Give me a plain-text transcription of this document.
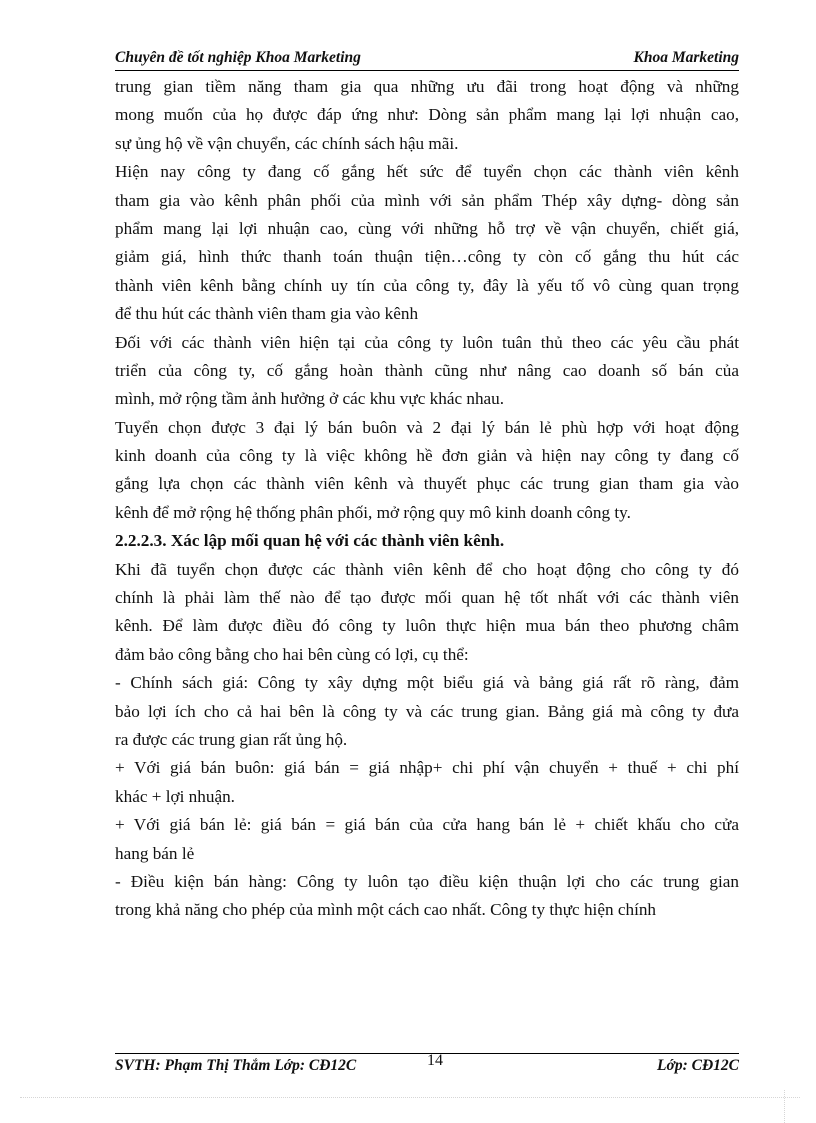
Chuyên đề tốt nghiệp Khoa Marketing	Khoa Marketing
trung gian tiềm năng tham gia qua những ưu đãi trong hoạt động và những
mong muốn của họ được đáp ứng như: Dòng sản phẩm mang lại lợi nhuận cao,
sự ủng hộ về vận chuyển, các chính sách hậu mãi.
Hiện nay công ty đang cố gắng hết sức để tuyển chọn các thành viên kênh
tham gia vào kênh phân phối của mình với sản phẩm Thép xây dựng- dòng sản
phẩm mang lại lợi nhuận cao, cùng với những hỗ trợ về vận chuyển, chiết giá,
giảm giá, hình thức thanh toán thuận tiện…công ty còn cố gắng thu hút các
thành viên kênh bằng chính uy tín của công ty, đây là yếu tố vô cùng quan trọng
để thu hút các thành viên tham gia vào kênh
Đối với các thành viên hiện tại của công ty luôn tuân thủ theo các yêu cầu phát
triển của công ty, cố gắng hoàn thành cũng như nâng cao doanh số bán của
mình, mở rộng tầm ảnh hưởng ở các khu vực khác nhau.
Tuyển chọn được 3 đại lý bán buôn và 2 đại lý bán lẻ phù hợp với hoạt động
kinh doanh của công ty là việc không hề đơn giản và hiện nay công ty đang cố
gắng lựa chọn các thành viên kênh và thuyết phục các trung gian tham gia vào
kênh để mở rộng hệ thống phân phối, mở rộng quy mô kinh doanh công ty.
2.2.2.3. Xác lập mối quan hệ với các thành viên kênh.
Khi đã tuyển chọn được các thành viên kênh để cho hoạt động cho công ty đó
chính là phải làm thế nào để tạo được mối quan hệ tốt nhất với các thành viên
kênh. Để làm được điều đó công ty luôn thực hiện mua bán theo phương châm
đảm bảo công bằng cho hai bên cùng có lợi, cụ thể:
- Chính sách giá: Công ty xây dựng một biểu giá và bảng giá rất rõ ràng, đảm
bảo lợi ích cho cả hai bên là công ty và các trung gian. Bảng giá mà công ty đưa
ra được các trung gian rất ủng hộ.
+ Với giá bán buôn: giá bán = giá nhập+ chi phí vận chuyển + thuế + chi phí
khác + lợi nhuận.
+ Với giá bán lẻ: giá bán = giá bán của cửa hang bán lẻ + chiết khấu cho cửa
hang bán lẻ
- Điều kiện bán hàng: Công ty luôn tạo điều kiện thuận lợi cho các trung gian
trong khả năng cho phép của mình một cách cao nhất. Công ty thực hiện chính
SVTH: Phạm Thị Thắm Lớp: CĐ12C	14	Lớp: CĐ12C
